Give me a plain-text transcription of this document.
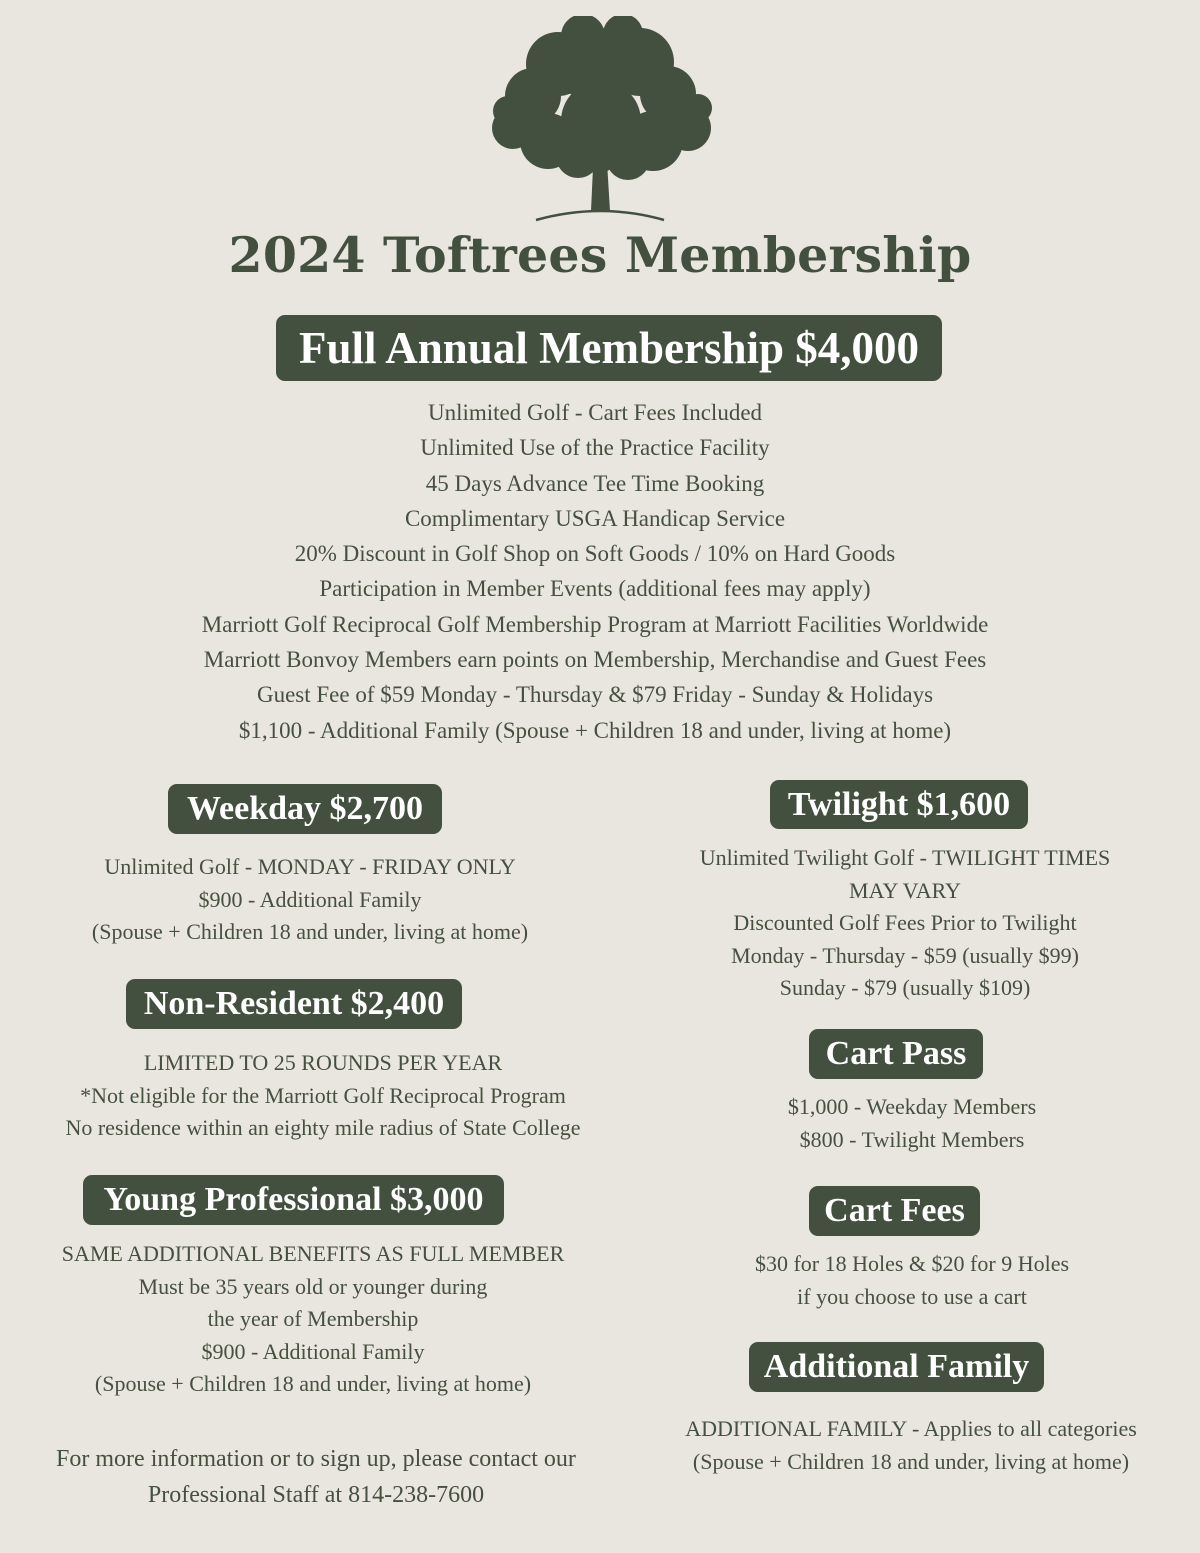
2024 Toftrees Membership
Full Annual Membership $4,000
Unlimited Golf - Cart Fees Included
Unlimited Use of the Practice Facility
45 Days Advance Tee Time Booking
Complimentary USGA Handicap Service
20% Discount in Golf Shop on Soft Goods / 10% on Hard Goods
Participation in Member Events (additional fees may apply)
Marriott Golf Reciprocal Golf Membership Program at Marriott Facilities Worldwide
Marriott Bonvoy Members earn points on Membership, Merchandise and Guest Fees
Guest Fee of $59 Monday - Thursday & $79 Friday - Sunday & Holidays
$1,100 - Additional Family (Spouse + Children 18 and under, living at home)
Weekday $2,700
Unlimited Golf - MONDAY - FRIDAY ONLY
$900 - Additional Family
(Spouse + Children 18 and under, living at home)
Non-Resident $2,400
LIMITED TO 25 ROUNDS PER YEAR
*Not eligible for the Marriott Golf Reciprocal Program
No residence within an eighty mile radius of State College
Young Professional $3,000
SAME ADDITIONAL BENEFITS AS FULL MEMBER
Must be 35 years old or younger during
the year of Membership
$900 - Additional Family
(Spouse + Children 18 and under, living at home)
For more information or to sign up, please contact our
Professional Staff at 814-238-7600
Twilight $1,600
Unlimited Twilight Golf - TWILIGHT TIMES
MAY VARY
Discounted Golf Fees Prior to Twilight
Monday - Thursday - $59 (usually $99)
Sunday - $79 (usually $109)
Cart Pass
$1,000 - Weekday Members
$800 - Twilight Members
Cart Fees
$30 for 18 Holes & $20 for 9 Holes
if you choose to use a cart
Additional Family
ADDITIONAL FAMILY - Applies to all categories
(Spouse + Children 18 and under, living at home)
